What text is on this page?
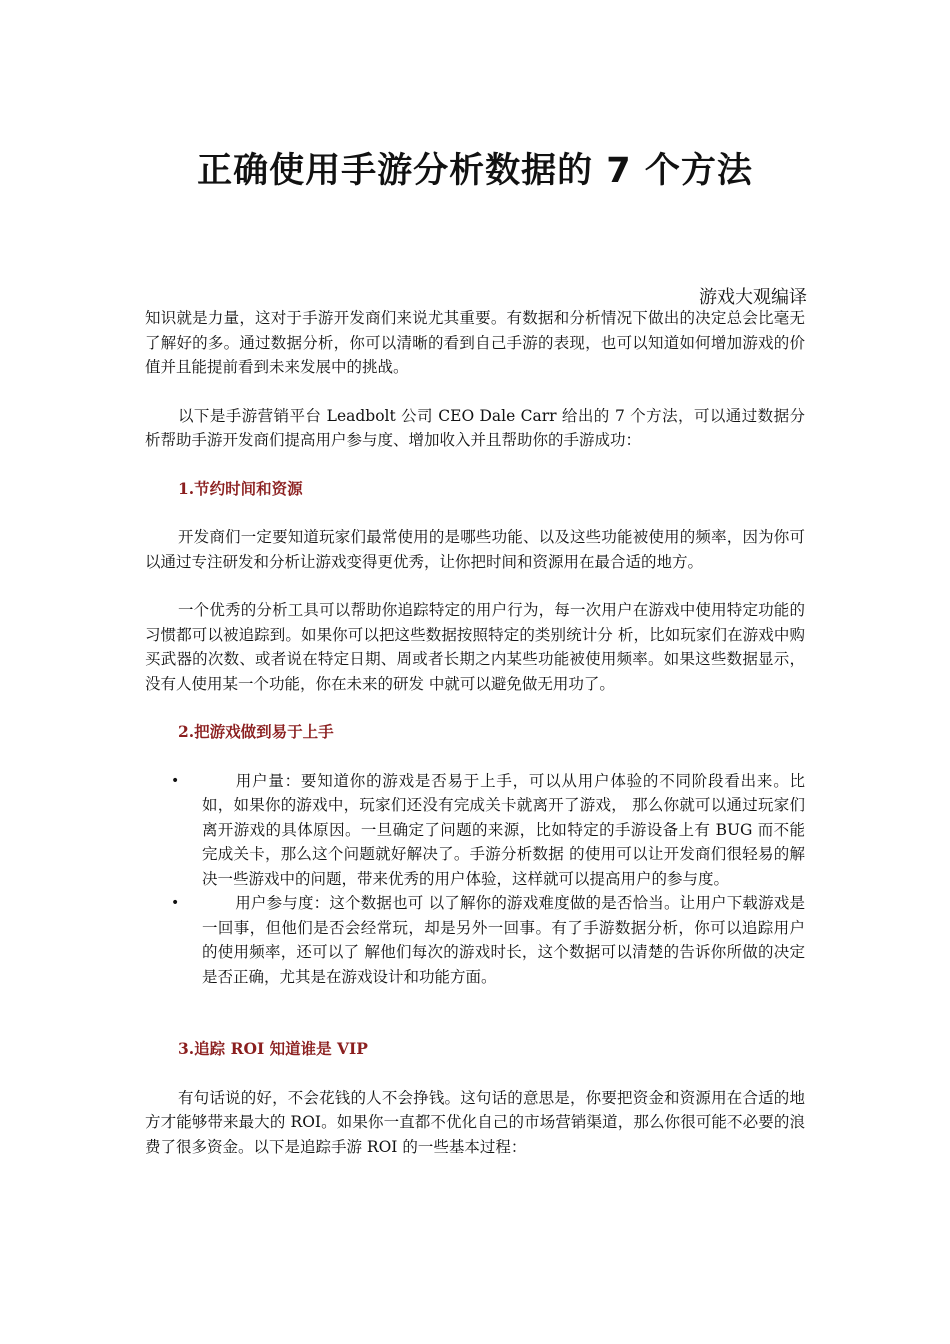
正确使用手游分析数据的 7 个方法

游戏大观编译

知识就是力量，这对于手游开发商们来说尤其重要。有数据和分析情况下做出的决定总会比毫无了解好的多。通过数据分析，你可以清晰的看到自己手游的表现，也可以知道如何增加游戏的价值并且能提前看到未来发展中的挑战。

以下是手游营销平台 Leadbolt 公司 CEO Dale Carr 给出的 7 个方法，可以通过数据分析帮助手游开发商们提高用户参与度、增加收入并且帮助你的手游成功：

1.节约时间和资源

开发商们一定要知道玩家们最常使用的是哪些功能、以及这些功能被使用的频率，因为你可以通过专注研发和分析让游戏变得更优秀，让你把时间和资源用在最合适的地方。

一个优秀的分析工具可以帮助你追踪特定的用户行为，每一次用户在游戏中使用特定功能的习惯都可以被追踪到。如果你可以把这些数据按照特定的类别统计分 析，比如玩家们在游戏中购买武器的次数、或者说在特定日期、周或者长期之内某些功能被使用频率。如果这些数据显示，没有人使用某一个功能，你在未来的研发 中就可以避免做无用功了。

2.把游戏做到易于上手

•	用户量：要知道你的游戏是否易于上手，可以从用户体验的不同阶段看出来。比如，如果你的游戏中，玩家们还没有完成关卡就离开了游戏， 那么你就可以通过玩家们离开游戏的具体原因。一旦确定了问题的来源，比如特定的手游设备上有 BUG 而不能完成关卡，那么这个问题就好解决了。手游分析数据 的使用可以让开发商们很轻易的解决一些游戏中的问题，带来优秀的用户体验，这样就可以提高用户的参与度。
•	用户参与度：这个数据也可 以了解你的游戏难度做的是否恰当。让用户下载游戏是一回事，但他们是否会经常玩，却是另外一回事。有了手游数据分析，你可以追踪用户的使用频率，还可以了 解他们每次的游戏时长，这个数据可以清楚的告诉你所做的决定是否正确，尤其是在游戏设计和功能方面。

3.追踪 ROI 知道谁是 VIP

有句话说的好，不会花钱的人不会挣钱。这句话的意思是，你要把资金和资源用在合适的地方才能够带来最大的 ROI。如果你一直都不优化自己的市场营销渠道，那么你很可能不必要的浪费了很多资金。以下是追踪手游 ROI 的一些基本过程：
